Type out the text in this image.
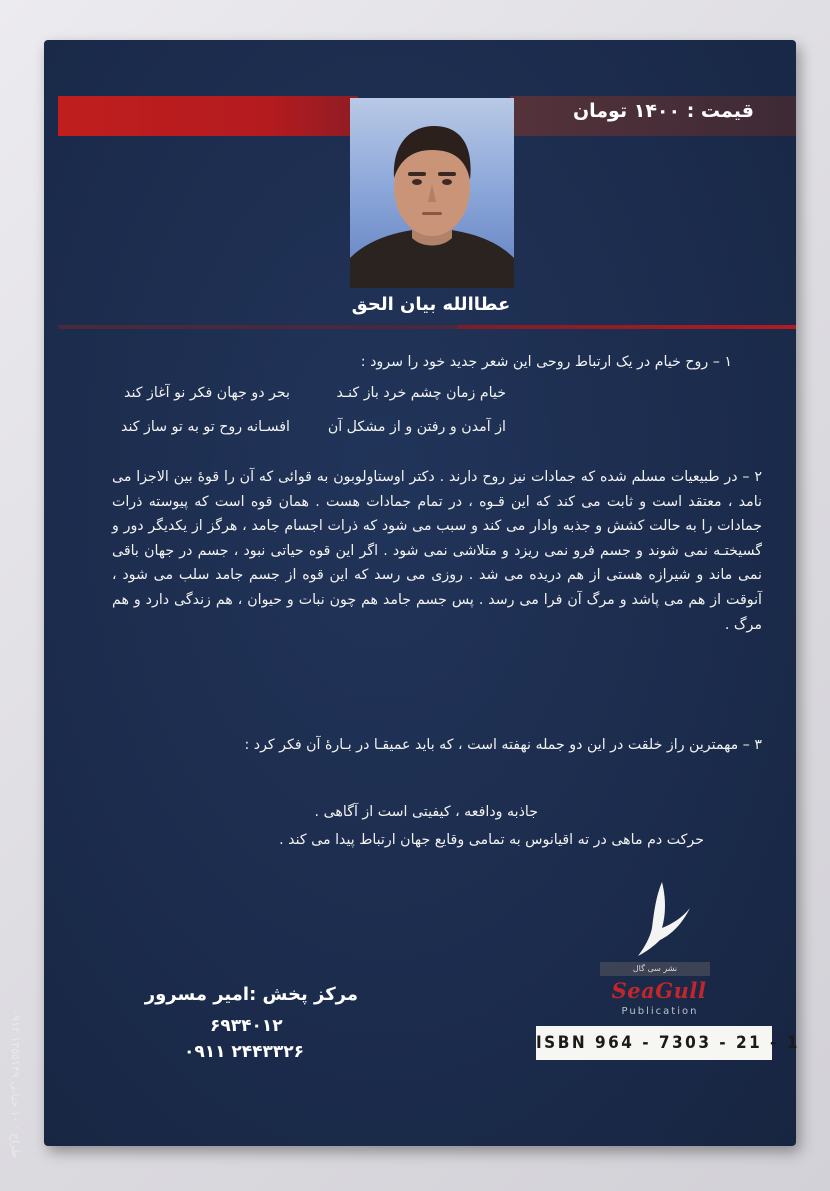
قیمت : ۱۴۰۰ تومان
عطاالله بیان الحق
۱ – روح خیام در یک ارتباط روحی این شعر جدید خود را سرود :
خیام زمان چشم خرد باز کنـد
بحر دو جهان فکر نو آغاز کند
از آمدن و رفتن و از مشکل آن
افسـانه روح تو به تو ساز کند
۲ – در طبیعیات مسلم شده که جمادات نیز روح دارند . دکتر اوستاولوبون به قوائی که آن را قوهٔ بین الاجزا می نامد ، معتقد است و ثابت می کند که این قـوه ، در تمام جمادات هست . همان قوه است که پیوسته ذرات جمادات را به حالت کشش و جذبه وادار می کند و سبب می شود که ذرات اجسام جامد ، هرگز از یکدیگر دور و گسیختـه نمی شوند و جسم فرو نمی ریزد و متلاشی نمی شود . اگر این قوه حیاتی نبود ، جسم در جهان باقی نمی ماند و شیرازه هستی از هم دریده می شد . روزی می رسد که این قوه از جسم جامد سلب می شود ، آنوقت از هم می پاشد و مرگ آن فرا می رسد . پس جسم جامد هم چون نبات و حیوان ، هم زندگی دارد و هم مرگ .
۳ – مهمترین راز خلقت در این دو جمله نهفته است ، که باید عمیقـا در بـارهٔ آن فکر کرد :
جاذبه ودافعه ، کیفیتی است از آگاهی .
حرکت دم ماهی در ته اقیانوس به تمامی وقایع جهان ارتباط پیدا می کند .
طراح : ۱۰ جیانی ۱۳۵۵۱۴۹ ۰۹۱۲
مرکز پخش :امیر مسرور
۶۹۳۴۰۱۲
۰۹۱۱ ۲۴۴۳۳۲۶
نشر سی گال
SeaGull
Publication
ISBN 964 - 7303 - 21 - 1
